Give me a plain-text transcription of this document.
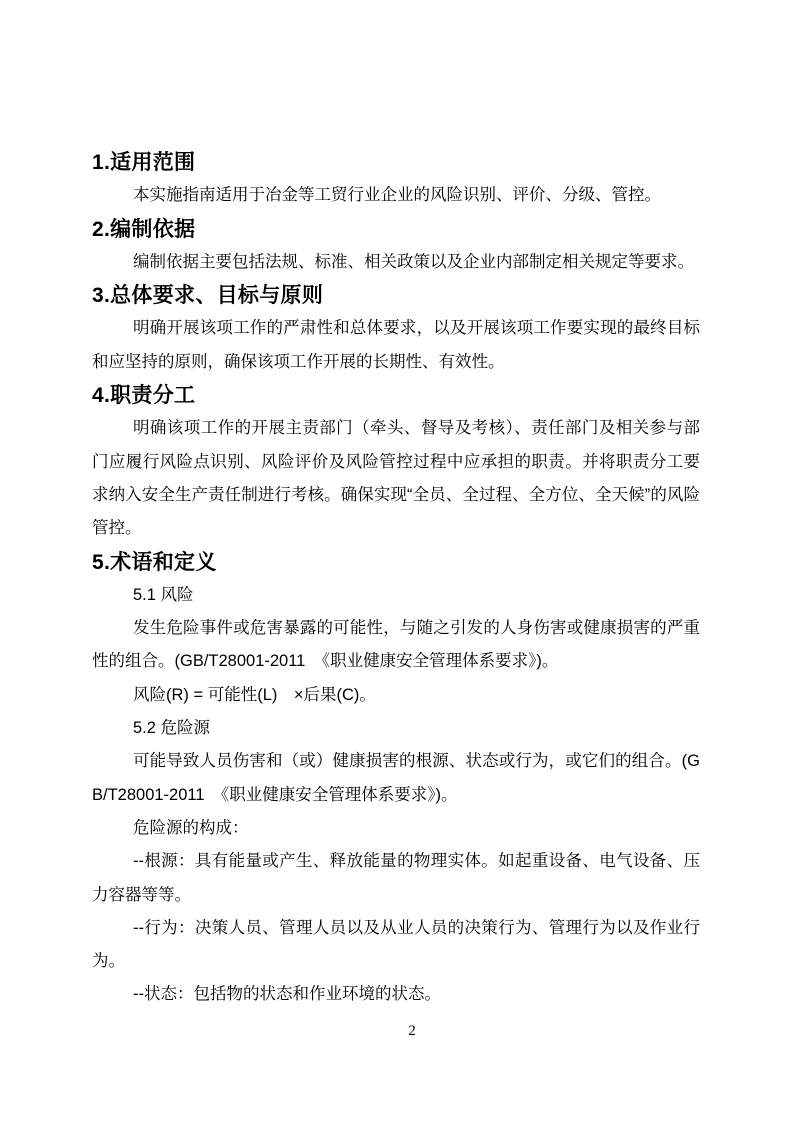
1.适用范围

本实施指南适用于冶金等工贸行业企业的风险识别、评价、分级、管控。

2.编制依据

编制依据主要包括法规、标准、相关政策以及企业内部制定相关规定等要求。

3.总体要求、目标与原则

明确开展该项工作的严肃性和总体要求，以及开展该项工作要实现的最终目标和应坚持的原则，确保该项工作开展的长期性、有效性。

4.职责分工

明确该项工作的开展主责部门（牵头、督导及考核）、责任部门及相关参与部门应履行风险点识别、风险评价及风险管控过程中应承担的职责。并将职责分工要求纳入安全生产责任制进行考核。确保实现“全员、全过程、全方位、全天候”的风险管控。

5.术语和定义

5.1 风险

发生危险事件或危害暴露的可能性，与随之引发的人身伤害或健康损害的严重性的组合。(GB/T28001-2011　《职业健康安全管理体系要求》)。

风险(R) = 可能性(L)　×后果(C)。

5.2 危险源

可能导致人员伤害和（或）健康损害的根源、状态或行为，或它们的组合。(GB/T28001-2011　《职业健康安全管理体系要求》)。

危险源的构成：

--根源：具有能量或产生、释放能量的物理实体。如起重设备、电气设备、压力容器等等。

--行为：决策人员、管理人员以及从业人员的决策行为、管理行为以及作业行为。

--状态：包括物的状态和作业环境的状态。

2
